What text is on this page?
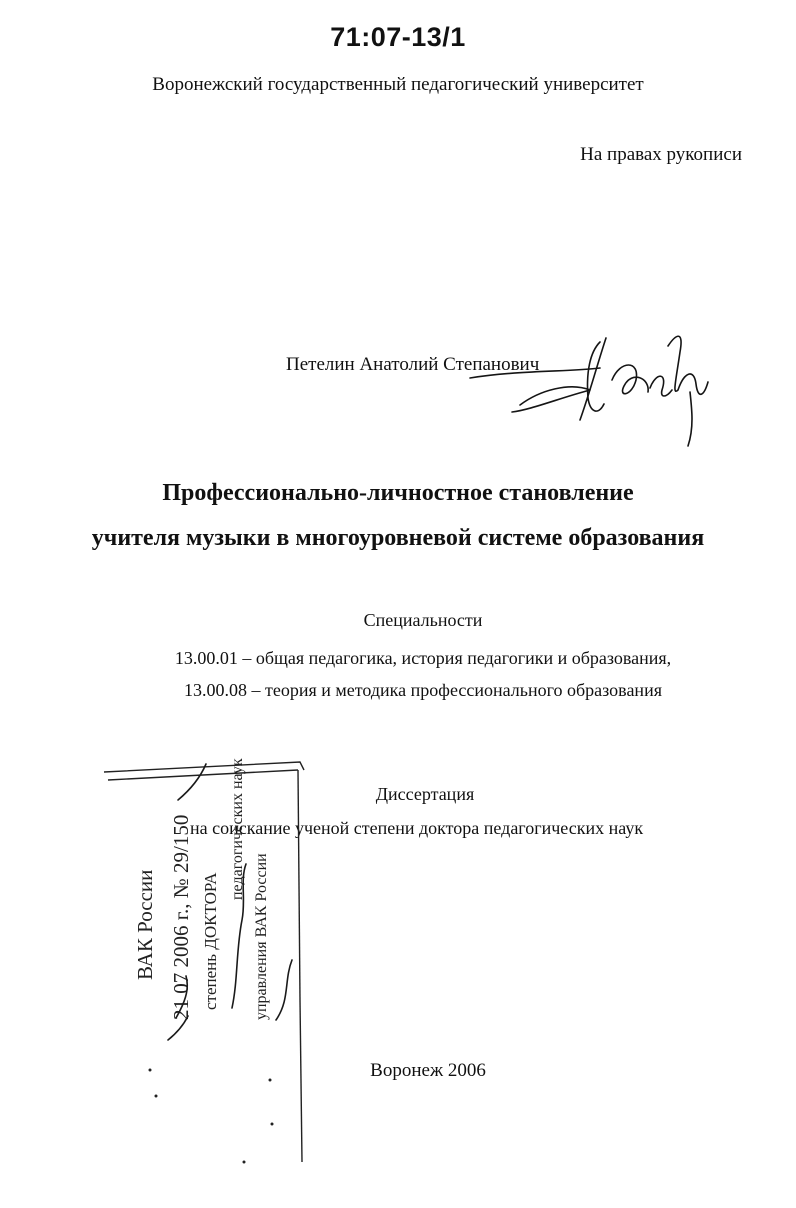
71:07-13/1
Воронежский государственный педагогический университет
На правах рукописи
Петелин Анатолий Степанович
Профессионально-личностное становление
учителя музыки в многоуровневой системе образования
Специальности
13.00.01 – общая педагогика, история педагогики и образования,
13.00.08 – теория и методика профессионального образования
Диссертация
на соискание ученой степени доктора педагогических наук
Воронеж 2006
ВАК России 21 07 2006 г., № 29/150 степень ДОКТОРА
педагогических наук
управления ВАК России
